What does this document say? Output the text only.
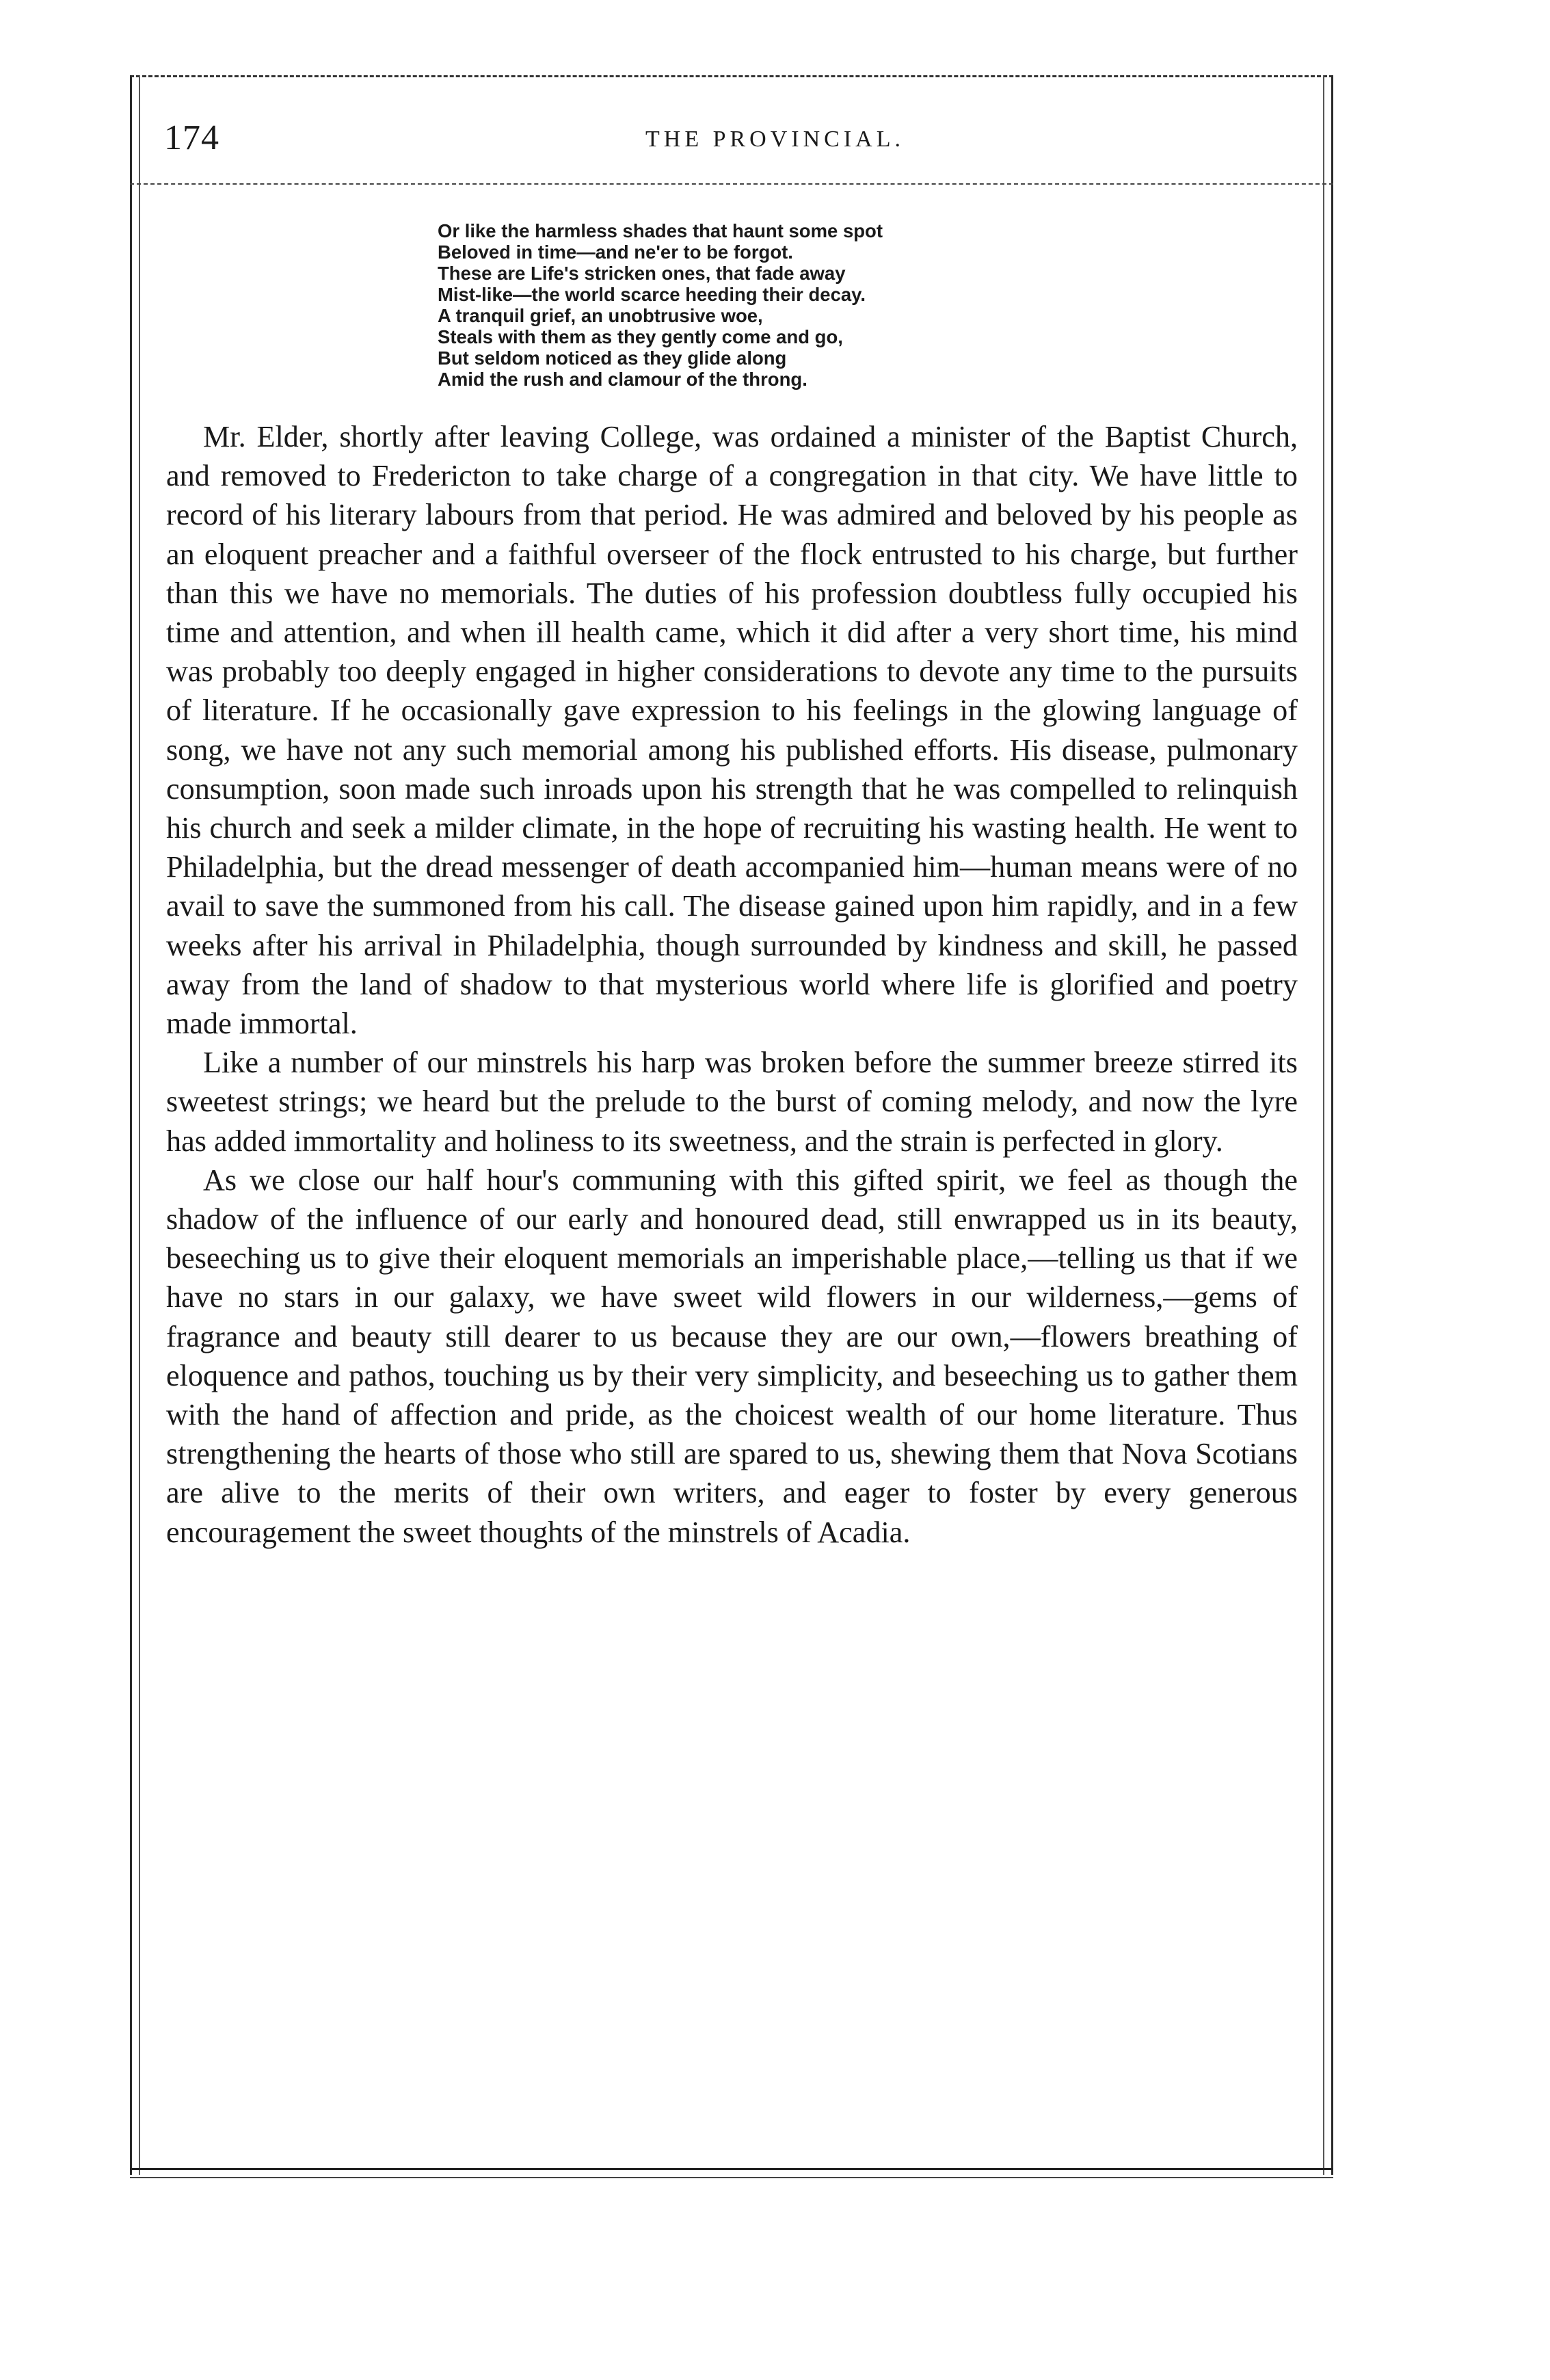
174	THE PROVINCIAL.
Or like the harmless shades that haunt some spot
Beloved in time—and ne'er to be forgot.
These are Life's stricken ones, that fade away
Mist-like—the world scarce heeding their decay.
A tranquil grief, an unobtrusive woe,
Steals with them as they gently come and go,
But seldom noticed as they glide along
Amid the rush and clamour of the throng.

Mr. Elder, shortly after leaving College, was ordained a minister of the Baptist Church, and removed to Fredericton to take charge of a congregation in that city. We have little to record of his literary labours from that period. He was admired and beloved by his people as an eloquent preacher and a faithful overseer of the flock entrusted to his charge, but further than this we have no memorials. The duties of his profession doubtless fully occupied his time and attention, and when ill health came, which it did after a very short time, his mind was probably too deeply engaged in higher considerations to devote any time to the pursuits of literature. If he occasionally gave expression to his feelings in the glowing language of song, we have not any such memorial among his published efforts. His disease, pulmonary consumption, soon made such inroads upon his strength that he was compelled to relinquish his church and seek a milder climate, in the hope of recruiting his wasting health. He went to Philadelphia, but the dread messenger of death accompanied him—human means were of no avail to save the summoned from his call. The disease gained upon him rapidly, and in a few weeks after his arrival in Philadelphia, though surrounded by kindness and skill, he passed away from the land of shadow to that mysterious world where life is glorified and poetry made immortal.

Like a number of our minstrels his harp was broken before the summer breeze stirred its sweetest strings; we heard but the prelude to the burst of coming melody, and now the lyre has added immortality and holiness to its sweetness, and the strain is perfected in glory.

As we close our half hour's communing with this gifted spirit, we feel as though the shadow of the influence of our early and honoured dead, still enwrapped us in its beauty, beseeching us to give their eloquent memorials an imperishable place,—telling us that if we have no stars in our galaxy, we have sweet wild flowers in our wilderness,—gems of fragrance and beauty still dearer to us because they are our own,—flowers breathing of eloquence and pathos, touching us by their very simplicity, and beseeching us to gather them with the hand of affection and pride, as the choicest wealth of our home literature. Thus strengthening the hearts of those who still are spared to us, shewing them that Nova Scotians are alive to the merits of their own writers, and eager to foster by every generous encouragement the sweet thoughts of the minstrels of Acadia.
